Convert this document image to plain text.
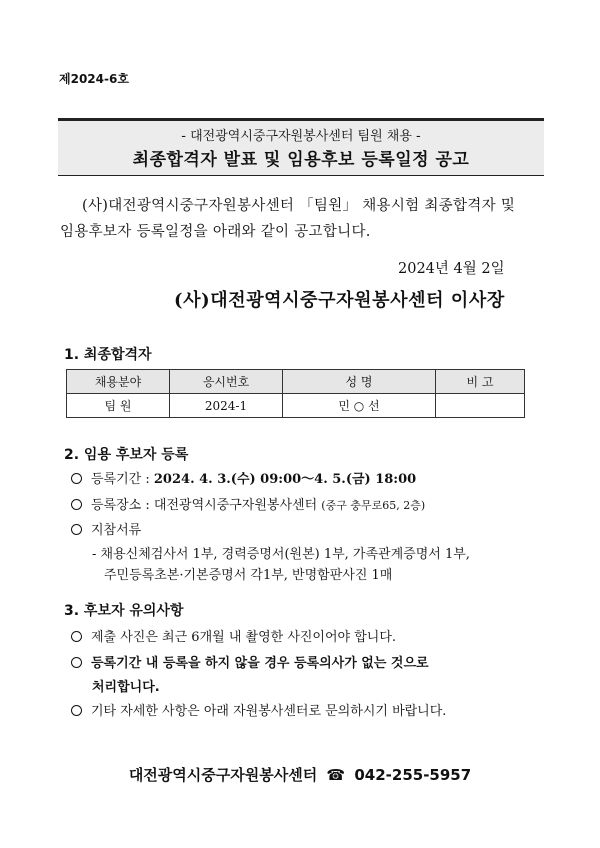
제2024-6호
- 대전광역시중구자원봉사센터 팀원 채용 -
최종합격자 발표 및 임용후보 등록일정 공고
(사)대전광역시중구자원봉사센터 「팀원」 채용시험 최종합격자 및
임용후보자 등록일정을 아래와 같이 공고합니다.
2024년 4월 2일
(사)대전광역시중구자원봉사센터 이사장
1. 최종합격자
채용분야	응시번호	성 명	비 고
팀 원	2024-1	민 ○ 선	
2. 임용 후보자 등록
등록기간 : 2024. 4. 3.(수) 09:00～4. 5.(금) 18:00
등록장소 : 대전광역시중구자원봉사센터 (중구 충무로65, 2층)
지참서류
- 채용신체검사서 1부, 경력증명서(원본) 1부, 가족관계증명서 1부,
주민등록초본·기본증명서 각1부, 반명함판사진 1매
3. 후보자 유의사항
제출 사진은 최근 6개월 내 촬영한 사진이어야 합니다.
등록기간 내 등록을 하지 않을 경우 등록의사가 없는 것으로
처리합니다.
기타 자세한 사항은 아래 자원봉사센터로 문의하시기 바랍니다.
대전광역시중구자원봉사센터 ☎ 042-255-5957
